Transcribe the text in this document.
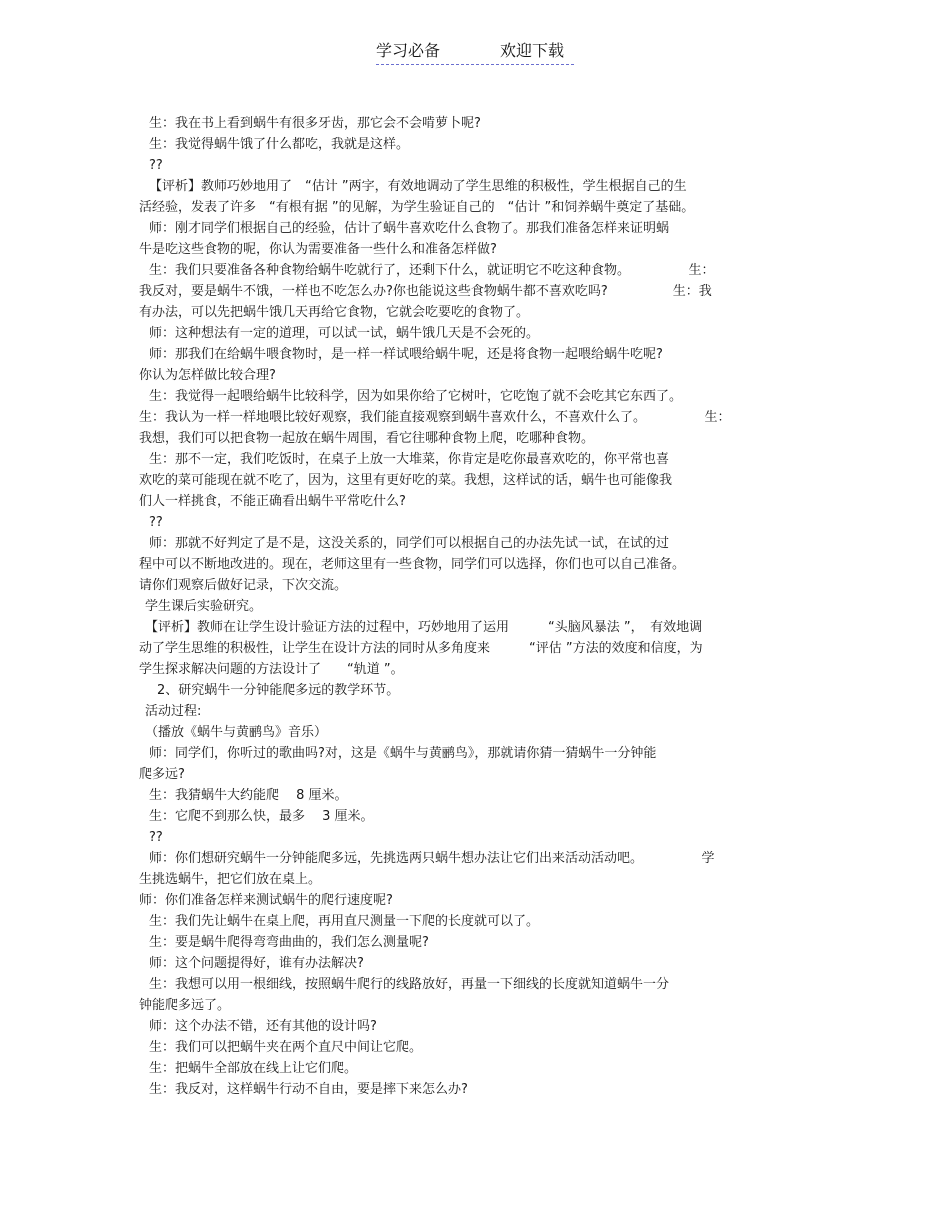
学习必备	欢迎下载
生：我在书上看到蜗牛有很多牙齿，那它会不会啃萝卜呢?
生：我觉得蜗牛饿了什么都吃，我就是这样。
??
【评析】教师巧妙地用了　“估计 ”两字，有效地调动了学生思维的积极性，学生根据自己的生
活经验，发表了许多　“有根有据 ”的见解，为学生验证自己的　“估计 ”和饲养蜗牛奠定了基础。
师：刚才同学们根据自己的经验，估计了蜗牛喜欢吃什么食物了。那我们准备怎样来证明蜗
牛是吃这些食物的呢，你认为需要准备一些什么和准备怎样做?
生：我们只要准备各种食物给蜗牛吃就行了，还剩下什么，就证明它不吃这种食物。　　　　　生：
我反对，要是蜗牛不饿，一样也不吃怎么办?你也能说这些食物蜗牛都不喜欢吃吗?　　　　　生：我
有办法，可以先把蜗牛饿几天再给它食物，它就会吃要吃的食物了。
师：这种想法有一定的道理，可以试一试，蜗牛饿几天是不会死的。
师：那我们在给蜗牛喂食物时，是一样一样试喂给蜗牛呢，还是将食物一起喂给蜗牛吃呢?
你认为怎样做比较合理?
生：我觉得一起喂给蜗牛比较科学，因为如果你给了它树叶，它吃饱了就不会吃其它东西了。
生：我认为一样一样地喂比较好观察，我们能直接观察到蜗牛喜欢什么，不喜欢什么了。　　　　　生：
我想，我们可以把食物一起放在蜗牛周围，看它往哪种食物上爬，吃哪种食物。
生：那不一定，我们吃饭时，在桌子上放一大堆菜，你肯定是吃你最喜欢吃的，你平常也喜
欢吃的菜可能现在就不吃了，因为，这里有更好吃的菜。我想，这样试的话，蜗牛也可能像我
们人一样挑食，不能正确看出蜗牛平常吃什么?
??
师：那就不好判定了是不是，这没关系的，同学们可以根据自己的办法先试一试，在试的过
程中可以不断地改进的。现在，老师这里有一些食物，同学们可以选择，你们也可以自己准备。
请你们观察后做好记录，下次交流。
学生课后实验研究。
【评析】教师在让学生设计验证方法的过程中，巧妙地用了运用　　　“头脑风暴法 ”，　有效地调
动了学生思维的积极性，让学生在设计方法的同时从多角度来　　　“评估 ”方法的效度和信度，为
学生探求解决问题的方法设计了　　“轨道 ”。
2、研究蜗牛一分钟能爬多远的教学环节。
活动过程:
（播放《蜗牛与黄鹂鸟》音乐）
师：同学们，你听过的歌曲吗?对，这是《蜗牛与黄鹂鸟》，那就请你猜一猜蜗牛一分钟能
爬多远?
生：我猜蜗牛大约能爬　 8 厘米。
生：它爬不到那么快，最多　 3 厘米。
??
师：你们想研究蜗牛一分钟能爬多远，先挑选两只蜗牛想办法让它们出来活动活动吧。　　　　　学
生挑选蜗牛，把它们放在桌上。
师：你们准备怎样来测试蜗牛的爬行速度呢?
生：我们先让蜗牛在桌上爬，再用直尺测量一下爬的长度就可以了。
生：要是蜗牛爬得弯弯曲曲的，我们怎么测量呢?
师：这个问题提得好，谁有办法解决?
生：我想可以用一根细线，按照蜗牛爬行的线路放好，再量一下细线的长度就知道蜗牛一分
钟能爬多远了。
师：这个办法不错，还有其他的设计吗?
生：我们可以把蜗牛夹在两个直尺中间让它爬。
生：把蜗牛全部放在线上让它们爬。
生：我反对，这样蜗牛行动不自由，要是摔下来怎么办?
